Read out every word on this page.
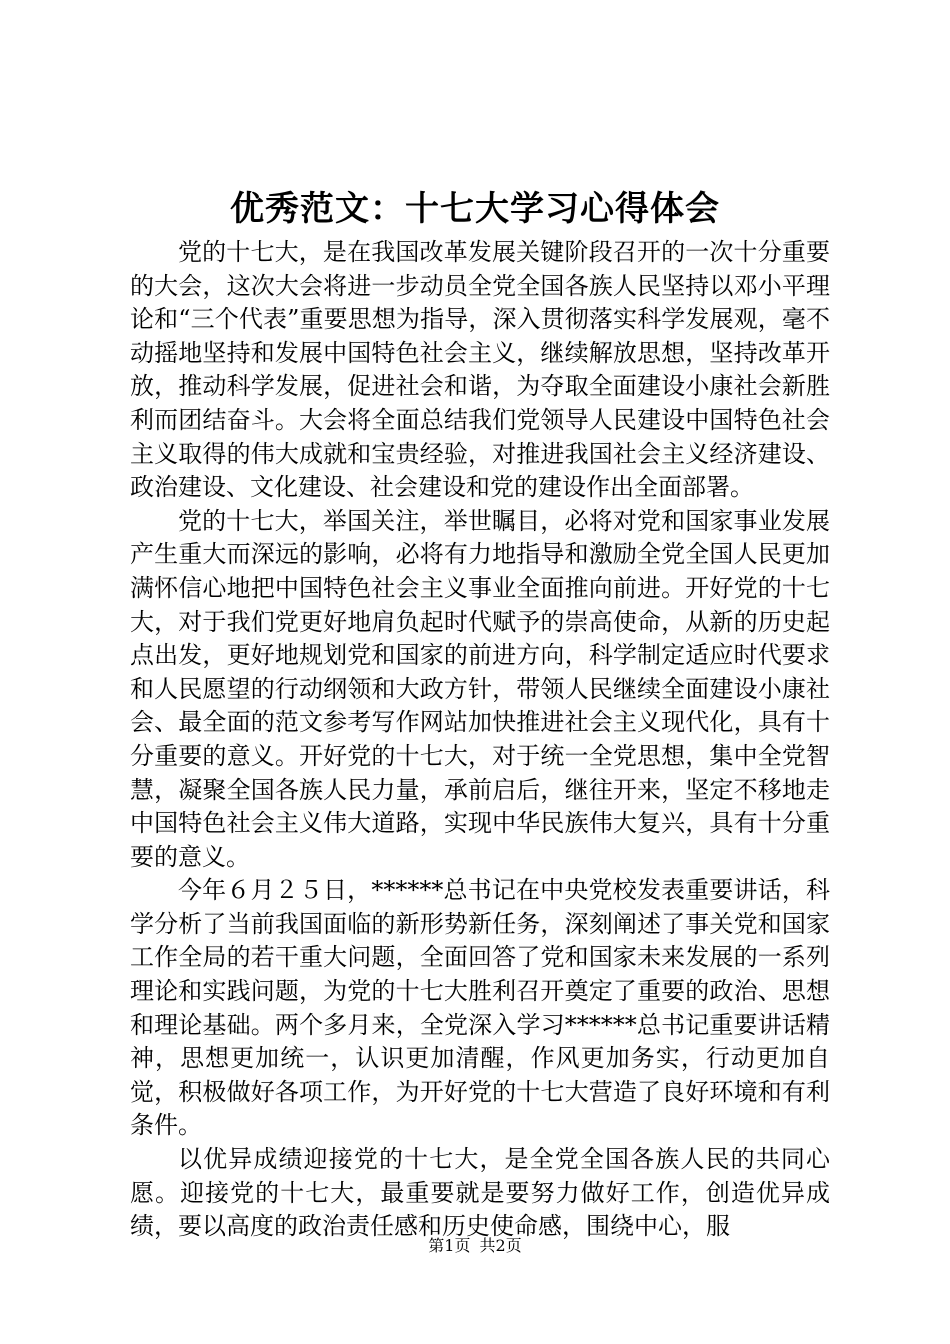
优秀范文：十七大学习心得体会

党的十七大，是在我国改革发展关键阶段召开的一次十分重要的大会，这次大会将进一步动员全党全国各族人民坚持以邓小平理论和“三个代表”重要思想为指导，深入贯彻落实科学发展观，毫不动摇地坚持和发展中国特色社会主义，继续解放思想，坚持改革开放，推动科学发展，促进社会和谐，为夺取全面建设小康社会新胜利而团结奋斗。大会将全面总结我们党领导人民建设中国特色社会主义取得的伟大成就和宝贵经验，对推进我国社会主义经济建设、政治建设、文化建设、社会建设和党的建设作出全面部署。

党的十七大，举国关注，举世瞩目，必将对党和国家事业发展产生重大而深远的影响，必将有力地指导和激励全党全国人民更加满怀信心地把中国特色社会主义事业全面推向前进。开好党的十七大，对于我们党更好地肩负起时代赋予的崇高使命，从新的历史起点出发，更好地规划党和国家的前进方向，科学制定适应时代要求和人民愿望的行动纲领和大政方针，带领人民继续全面建设小康社会、最全面的范文参考写作网站加快推进社会主义现代化，具有十分重要的意义。开好党的十七大，对于统一全党思想，集中全党智慧，凝聚全国各族人民力量，承前启后，继往开来，坚定不移地走中国特色社会主义伟大道路，实现中华民族伟大复兴，具有十分重要的意义。

今年６月２５日，******总书记在中央党校发表重要讲话，科学分析了当前我国面临的新形势新任务，深刻阐述了事关党和国家工作全局的若干重大问题，全面回答了党和国家未来发展的一系列理论和实践问题，为党的十七大胜利召开奠定了重要的政治、思想和理论基础。两个多月来，全党深入学习******总书记重要讲话精神，思想更加统一，认识更加清醒，作风更加务实，行动更加自觉，积极做好各项工作，为开好党的十七大营造了良好环境和有利条件。

以优异成绩迎接党的十七大，是全党全国各族人民的共同心愿。迎接党的十七大，最重要就是要努力做好工作，创造优异成绩，要以高度的政治责任感和历史使命感，围绕中心，服

第1页 共2页
